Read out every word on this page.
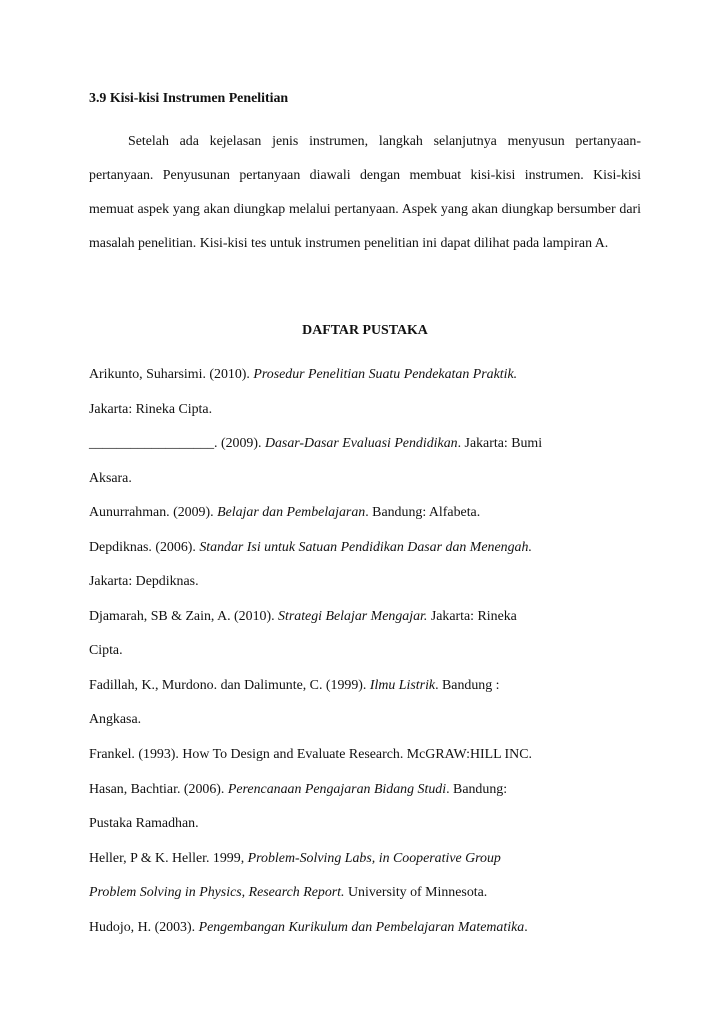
3.9 Kisi-kisi Instrumen Penelitian

Setelah ada kejelasan jenis instrumen, langkah selanjutnya menyusun pertanyaan-pertanyaan. Penyusunan pertanyaan diawali dengan membuat kisi-kisi instrumen. Kisi-kisi memuat aspek yang akan diungkap melalui pertanyaan. Aspek yang akan diungkap bersumber dari masalah penelitian. Kisi-kisi tes untuk instrumen penelitian ini dapat dilihat pada lampiran A.

DAFTAR PUSTAKA
Arikunto, Suharsimi. (2010). Prosedur Penelitian Suatu Pendekatan Praktik.
Jakarta: Rineka Cipta.
__________________. (2009). Dasar-Dasar Evaluasi Pendidikan. Jakarta: Bumi
Aksara.
Aunurrahman. (2009). Belajar dan Pembelajaran. Bandung: Alfabeta.
Depdiknas. (2006). Standar Isi untuk Satuan Pendidikan Dasar dan Menengah.
Jakarta: Depdiknas.
Djamarah, SB & Zain, A. (2010). Strategi Belajar Mengajar. Jakarta: Rineka
Cipta.
Fadillah, K., Murdono. dan Dalimunte, C. (1999). Ilmu Listrik. Bandung :
Angkasa.
Frankel. (1993). How To Design and Evaluate Research. McGRAW:HILL INC.
Hasan, Bachtiar. (2006). Perencanaan Pengajaran Bidang Studi. Bandung:
Pustaka Ramadhan.
Heller, P & K. Heller. 1999, Problem-Solving Labs, in Cooperative Group
Problem Solving in Physics, Research Report. University of Minnesota.
Hudojo, H. (2003). Pengembangan Kurikulum dan Pembelajaran Matematika.
